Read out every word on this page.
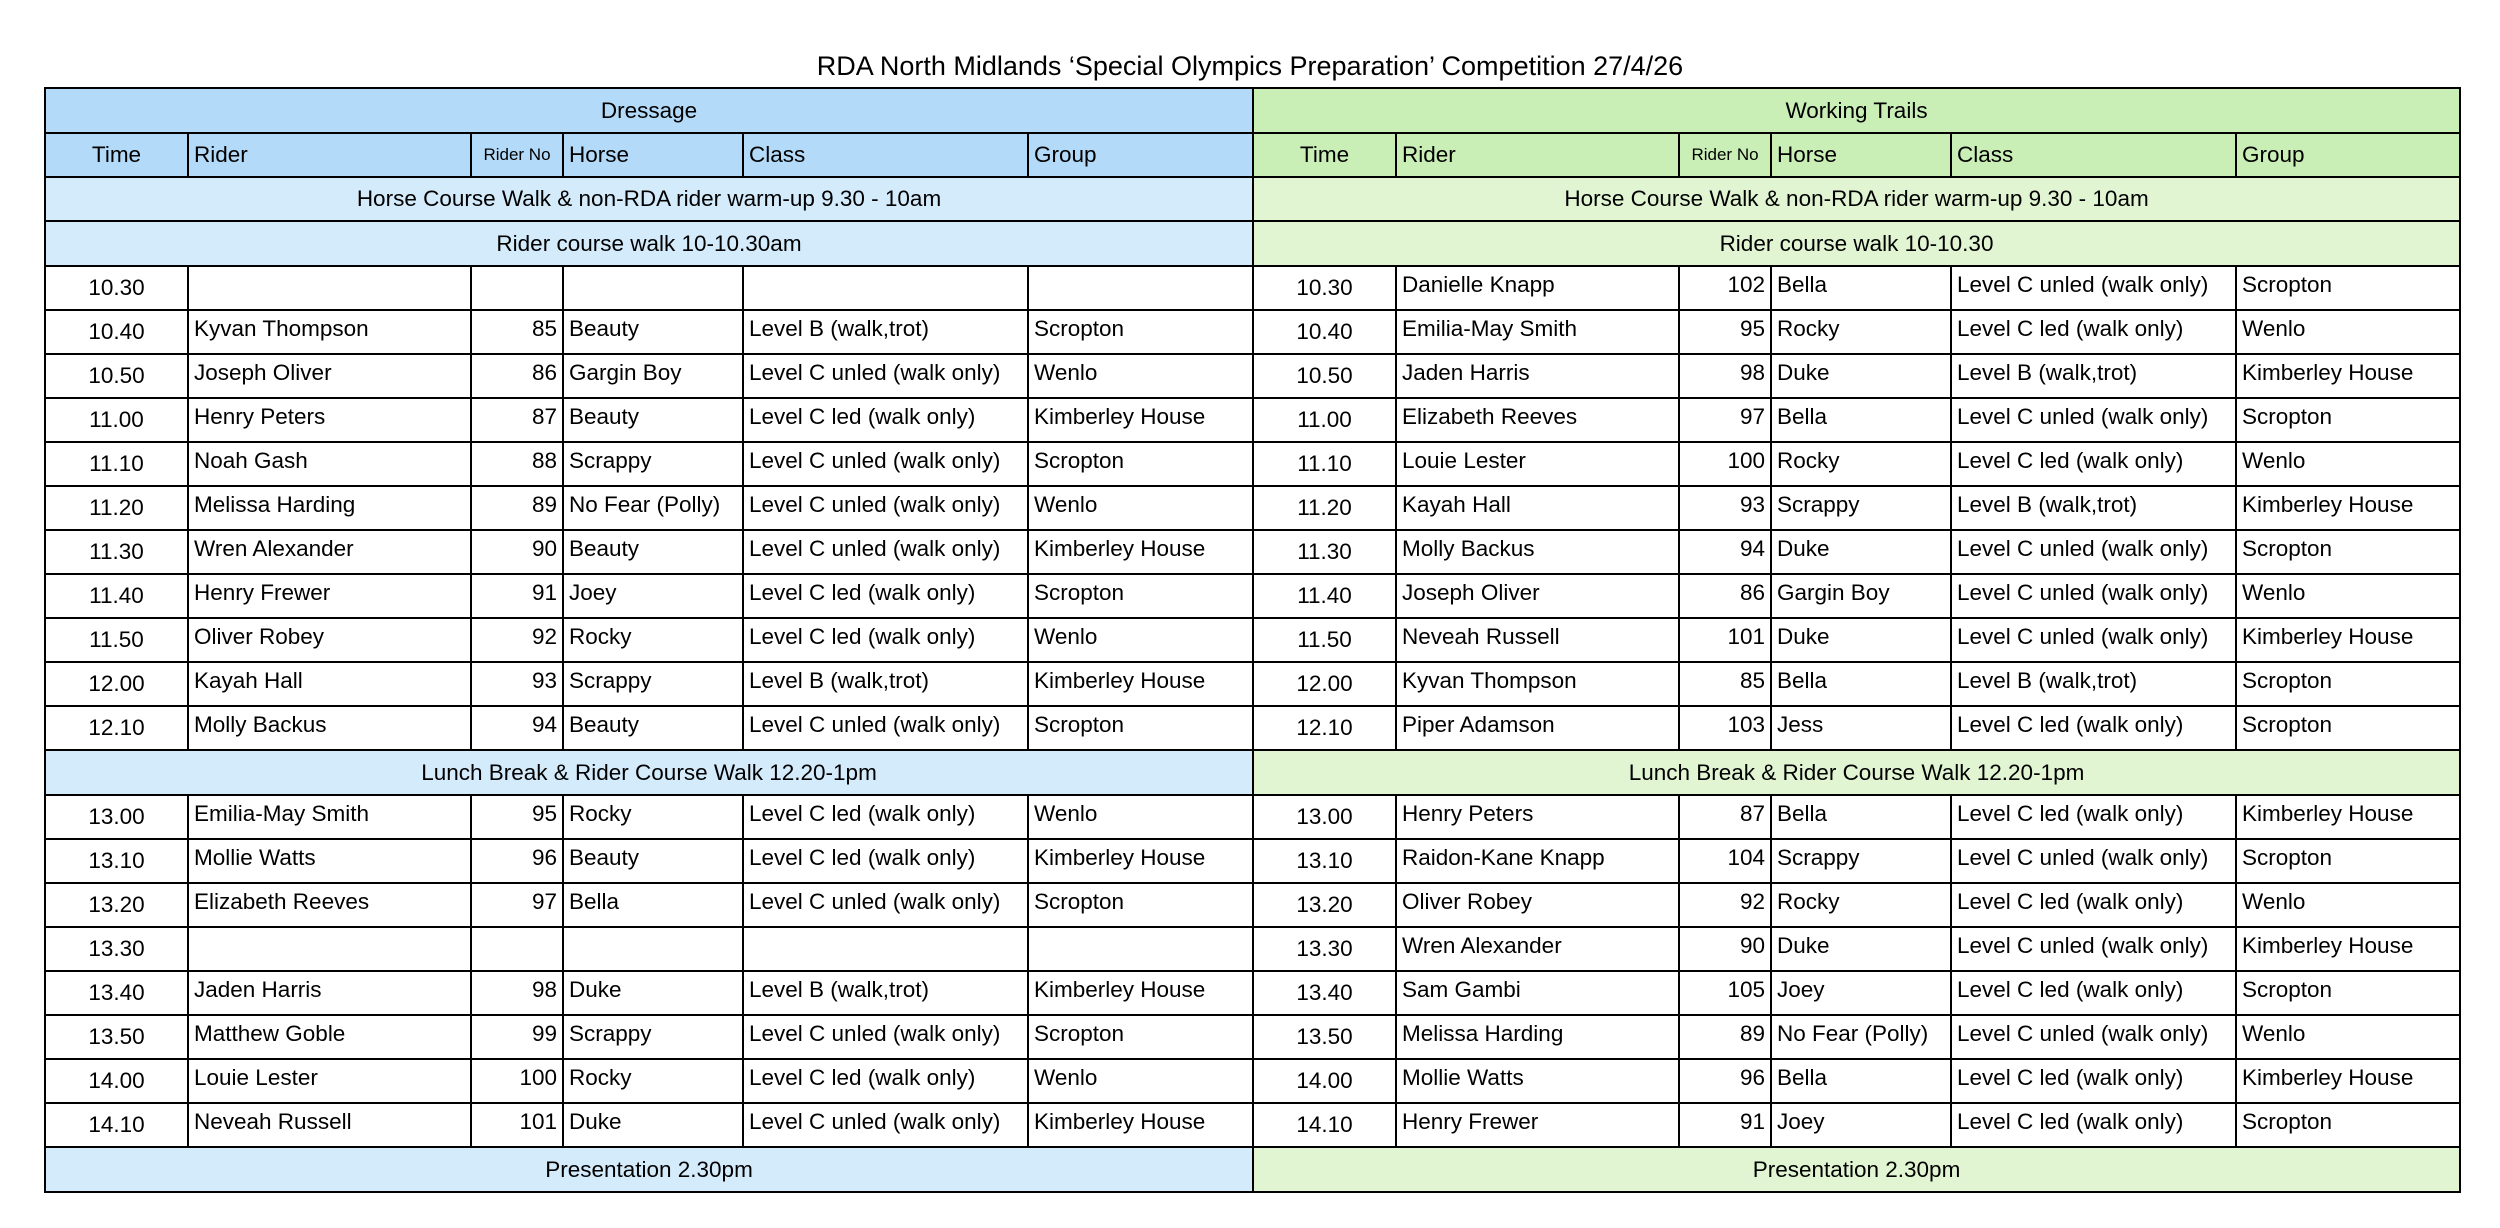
RDA North Midlands ‘Special Olympics Preparation’ Competition 27/4/26
Dressage						Working Trails					
Time	Rider	Rider No	Horse	Class	Group	Time	Rider	Rider No	Horse	Class	Group
Horse Course Walk & non-RDA rider warm-up 9.30 - 10am						Horse Course Walk & non-RDA rider warm-up 9.30 - 10am					
Rider course walk 10-10.30am						Rider course walk 10-10.30					
10.30						10.30	Danielle Knapp	102	Bella	Level C unled (walk only)	Scropton
10.40	Kyvan Thompson	85	Beauty	Level B (walk,trot)	Scropton	10.40	Emilia-May Smith	95	Rocky	Level C led (walk only)	Wenlo
10.50	Joseph Oliver	86	Gargin Boy	Level C unled (walk only)	Wenlo	10.50	Jaden Harris	98	Duke	Level B (walk,trot)	Kimberley House
11.00	Henry Peters	87	Beauty	Level C led (walk only)	Kimberley House	11.00	Elizabeth Reeves	97	Bella	Level C unled (walk only)	Scropton
11.10	Noah Gash	88	Scrappy	Level C unled (walk only)	Scropton	11.10	Louie Lester	100	Rocky	Level C led (walk only)	Wenlo
11.20	Melissa Harding	89	No Fear (Polly)	Level C unled (walk only)	Wenlo	11.20	Kayah Hall	93	Scrappy	Level B (walk,trot)	Kimberley House
11.30	Wren Alexander	90	Beauty	Level C unled (walk only)	Kimberley House	11.30	Molly Backus	94	Duke	Level C unled (walk only)	Scropton
11.40	Henry Frewer	91	Joey	Level C led (walk only)	Scropton	11.40	Joseph Oliver	86	Gargin Boy	Level C unled (walk only)	Wenlo
11.50	Oliver Robey	92	Rocky	Level C led (walk only)	Wenlo	11.50	Neveah Russell	101	Duke	Level C unled (walk only)	Kimberley House
12.00	Kayah Hall	93	Scrappy	Level B (walk,trot)	Kimberley House	12.00	Kyvan Thompson	85	Bella	Level B (walk,trot)	Scropton
12.10	Molly Backus	94	Beauty	Level C unled (walk only)	Scropton	12.10	Piper Adamson	103	Jess	Level C led (walk only)	Scropton
Lunch Break & Rider Course Walk 12.20-1pm						Lunch Break & Rider Course Walk 12.20-1pm					
13.00	Emilia-May Smith	95	Rocky	Level C led (walk only)	Wenlo	13.00	Henry Peters	87	Bella	Level C led (walk only)	Kimberley House
13.10	Mollie Watts	96	Beauty	Level C led (walk only)	Kimberley House	13.10	Raidon-Kane Knapp	104	Scrappy	Level C unled (walk only)	Scropton
13.20	Elizabeth Reeves	97	Bella	Level C unled (walk only)	Scropton	13.20	Oliver Robey	92	Rocky	Level C led (walk only)	Wenlo
13.30						13.30	Wren Alexander	90	Duke	Level C unled (walk only)	Kimberley House
13.40	Jaden Harris	98	Duke	Level B (walk,trot)	Kimberley House	13.40	Sam Gambi	105	Joey	Level C led (walk only)	Scropton
13.50	Matthew Goble	99	Scrappy	Level C unled (walk only)	Scropton	13.50	Melissa Harding	89	No Fear (Polly)	Level C unled (walk only)	Wenlo
14.00	Louie Lester	100	Rocky	Level C led (walk only)	Wenlo	14.00	Mollie Watts	96	Bella	Level C led (walk only)	Kimberley House
14.10	Neveah Russell	101	Duke	Level C unled (walk only)	Kimberley House	14.10	Henry Frewer	91	Joey	Level C led (walk only)	Scropton
Presentation 2.30pm						Presentation 2.30pm					
